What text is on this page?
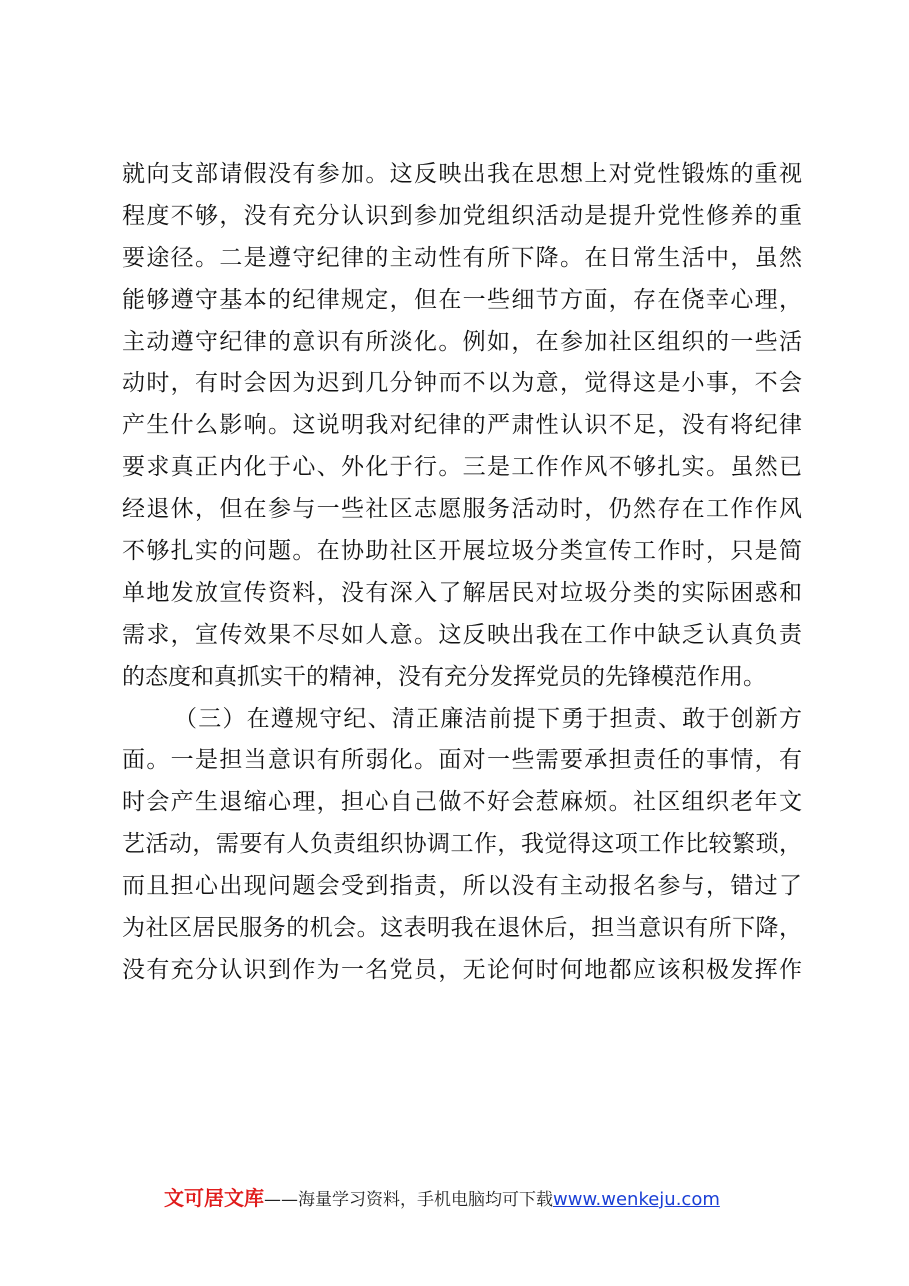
就向支部请假没有参加。这反映出我在思想上对党性锻炼的重视
程度不够，没有充分认识到参加党组织活动是提升党性修养的重
要途径。二是遵守纪律的主动性有所下降。在日常生活中，虽然
能够遵守基本的纪律规定，但在一些细节方面，存在侥幸心理，
主动遵守纪律的意识有所淡化。例如，在参加社区组织的一些活
动时，有时会因为迟到几分钟而不以为意，觉得这是小事，不会
产生什么影响。这说明我对纪律的严肃性认识不足，没有将纪律
要求真正内化于心、外化于行。三是工作作风不够扎实。虽然已
经退休，但在参与一些社区志愿服务活动时，仍然存在工作作风
不够扎实的问题。在协助社区开展垃圾分类宣传工作时，只是简
单地发放宣传资料，没有深入了解居民对垃圾分类的实际困惑和
需求，宣传效果不尽如人意。这反映出我在工作中缺乏认真负责
的态度和真抓实干的精神，没有充分发挥党员的先锋模范作用。
（三）在遵规守纪、清正廉洁前提下勇于担责、敢于创新方
面。一是担当意识有所弱化。面对一些需要承担责任的事情，有
时会产生退缩心理，担心自己做不好会惹麻烦。社区组织老年文
艺活动，需要有人负责组织协调工作，我觉得这项工作比较繁琐，
而且担心出现问题会受到指责，所以没有主动报名参与，错过了
为社区居民服务的机会。这表明我在退休后，担当意识有所下降，
没有充分认识到作为一名党员，无论何时何地都应该积极发挥作
文可居文库——海量学习资料，手机电脑均可下载www.wenkeju.com
